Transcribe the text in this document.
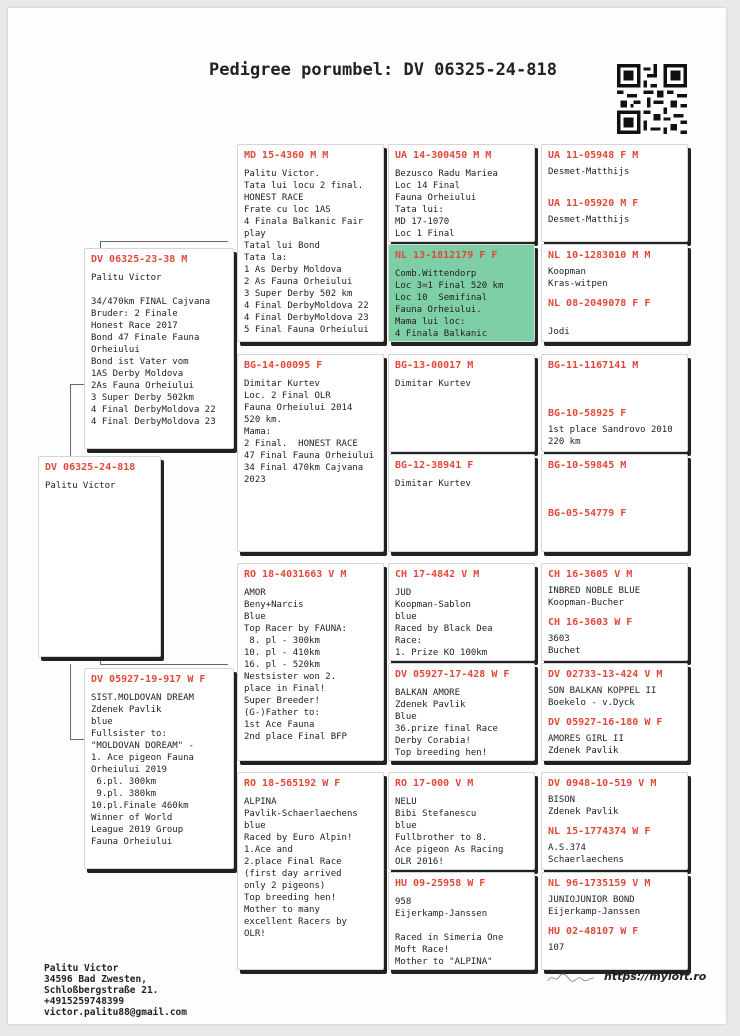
Pedigree porumbel: DV 06325-24-818
DV 06325-24-818
Palitu Victor
DV 06325-23-38 M
Palitu Victor

34/470km FINAL Cajvana
Bruder: 2 Finale
Honest Race 2017
Bond 47 Finale Fauna
Orheiului
Bond ist Vater vom
1AS Derby Moldova
2As Fauna Orheiului
3 Super Derby 502km
4 Final DerbyMoldova 22
4 Final DerbyMoldova 23
DV 05927-19-917 W F
SIST.MOLDOVAN DREAM
Zdenek Pavlik
blue
Fullsister to:
"MOLDOVAN DOREAM" -
1. Ace pigeon Fauna
Orheiului 2019
6.pl. 300km
9.pl. 380km
10.pl.Finale 460km
Winner of World
League 2019 Group
Fauna Orheiului
MD 15-4360 M M
Palitu Victor.
Tata lui locu 2 final.
HONEST RACE
Frate cu loc 1AS
4 Finala Balkanic Fair
play
Tatal lui Bond
Tata la:
1 As Derby Moldova
2 As Fauna Orheiului
3 Super Derby 502 km
4 Final DerbyMoldova 22
4 Final DerbyMoldova 23
5 Final Fauna Orheiului
BG-14-00095 F
Dimitar Kurtev
Loc. 2 Final OLR
Fauna Orheiului 2014
520 km.
Mama:
2 Final.  HONEST RACE
47 Final Fauna Orheiului
34 Final 470km Cajvana
2023
RO 18-4031663 V M
AMOR
Beny+Narcis
Blue
Top Racer by FAUNA:
8. pl - 300km
10. pl - 410km
16. pl - 520km
Nestsister won 2.
place in Final!
Super Breeder!
(G-)Father to:
1st Ace Fauna
2nd place Final BFP
RO 18-565192 W F
ALPINA
Pavlik-Schaerlaechens
blue
Raced by Euro Alpin!
1.Ace and
2.place Final Race
(first day arrived
only 2 pigeons)
Top breeding hen!
Mother to many
excellent Racers by
OLR!
UA 14-300450 M M
Bezusco Radu Mariea
Loc 14 Final
Fauna Orheiului
Tata lui:
MD 17-1070
Loc 1 Final
NL 13-1812179 F F
Comb.Wittendorp
Loc 3=1 Final 520 km
Loc 10  Semifinal
Fauna Orheiului.
Mama lui loc:
4 Finala Balkanic
BG-13-00017 M
Dimitar Kurtev
BG-12-38941 F
Dimitar Kurtev
CH 17-4842 V M
JUD
Koopman-Sablon
blue
Raced by Black Dea
Race:
1. Prize KO 100km
DV 05927-17-428 W F
BALKAN AMORE
Zdenek Pavlik
Blue
36.prize final Race
Derby Corabia!
Top breeding hen!
RO 17-000 V M
NELU
Bibi Stefanescu
blue
Fullbrother to 8.
Ace pigeon As Racing
OLR 2016!
HU 09-25958 W F
958
Eijerkamp-Janssen

Raced in Simeria One
Moft Race!
Mother to "ALPINA"
UA 11-05948 F M
Desmet-Matthijs
UA 11-05920 M F
Desmet-Matthijs
NL 10-1283010 M M
Koopman
Kras-witpen
NL 08-2049078 F F

Jodi
BG-11-1167141 M
BG-10-58925 F
1st place Sandrovo 2010
220 km
BG-10-59845 M
BG-05-54779 F
CH 16-3605 V M
INBRED NOBLE BLUE
Koopman-Bucher
CH 16-3603 W F
3603
Buchet
DV 02733-13-424 V M
SON BALKAN KOPPEL II
Boekelo - v.Dyck
DV 05927-16-180 W F
AMORES GIRL II
Zdenek Pavlik
DV 0948-10-519 V M
BISON
Zdenek Pavlik
NL 15-1774374 W F
A.S.374
Schaerlaechens
NL 96-1735159 V M
JUNIOJUNIOR BOND
Eijerkamp-Janssen
HU 02-48107 W F
107
Palitu Victor
34596 Bad Zwesten,
Schloßbergstraße 21.
+4915259748399
victor.palitu88@gmail.com
https://myloft.ro
